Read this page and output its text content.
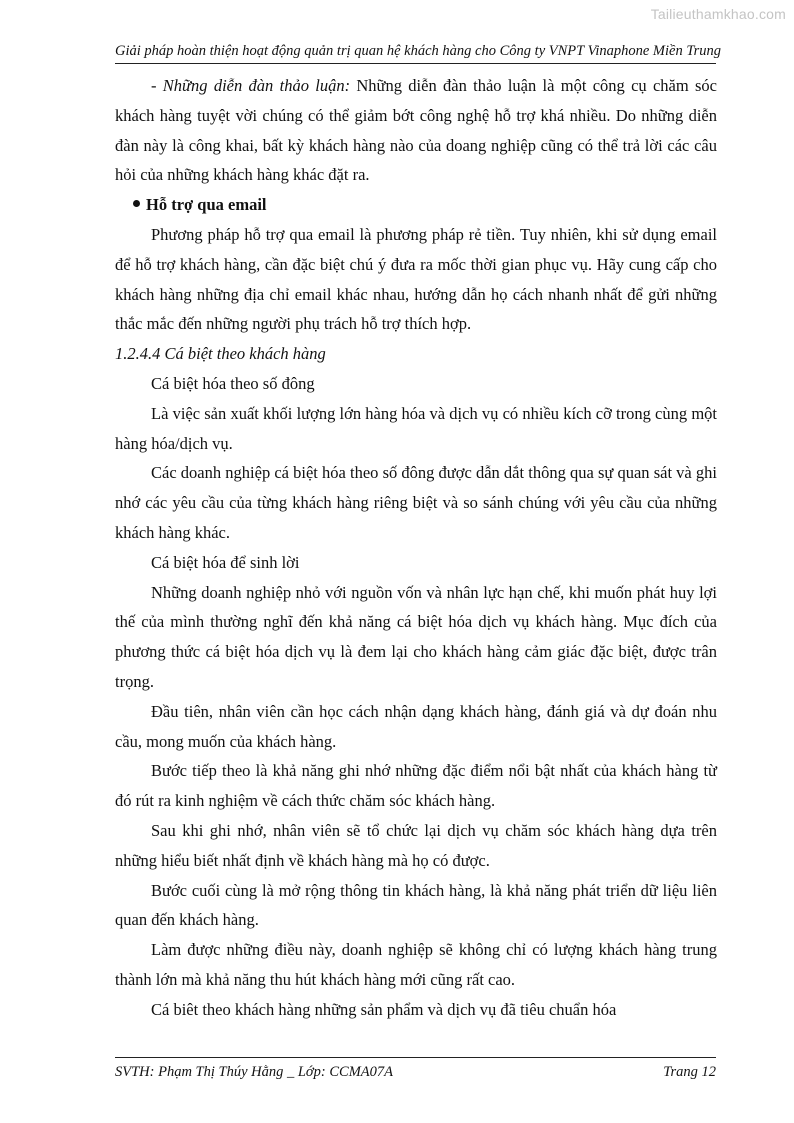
Tailieuthamkhao.com
Giải pháp hoàn thiện hoạt động quản trị quan hệ khách hàng cho Công ty VNPT Vinaphone Miền Trung

- Những diễn đàn thảo luận: Những diễn đàn thảo luận là một công cụ chăm sóc khách hàng tuyệt vời chúng có thể giảm bớt công nghệ hỗ trợ khá nhiều. Do những diễn đàn này là công khai, bất kỳ khách hàng nào của doang nghiệp cũng có thể trả lời các câu hỏi của những khách hàng khác đặt ra.

Hỗ trợ qua email

Phương pháp hỗ trợ qua email là phương pháp rẻ tiền. Tuy nhiên, khi sử dụng email để hỗ trợ khách hàng, cần đặc biệt chú ý đưa ra mốc thời gian phục vụ. Hãy cung cấp cho khách hàng những địa chỉ email khác nhau, hướng dẫn họ cách nhanh nhất để gửi những thắc mắc đến những người phụ trách hỗ trợ thích hợp.

1.2.4.4 Cá biệt theo khách hàng

Cá biệt hóa theo số đông

Là việc sản xuất khối lượng lớn hàng hóa và dịch vụ có nhiều kích cỡ trong cùng một hàng hóa/dịch vụ.

Các doanh nghiệp cá biệt hóa theo số đông được dẫn dắt thông qua sự quan sát và ghi nhớ các yêu cầu của từng khách hàng riêng biệt và so sánh chúng với yêu cầu của những khách hàng khác.

Cá biệt hóa để sinh lời

Những doanh nghiệp nhỏ với nguồn vốn và nhân lực hạn chế, khi muốn phát huy lợi thế của mình thường nghĩ đến khả năng cá biệt hóa dịch vụ khách hàng. Mục đích của phương thức cá biệt hóa dịch vụ là đem lại cho khách hàng cảm giác đặc biệt, được trân trọng.

Đầu tiên, nhân viên cần học cách nhận dạng khách hàng, đánh giá và dự đoán nhu cầu, mong muốn của khách hàng.

Bước tiếp theo là khả năng ghi nhớ những đặc điểm nổi bật nhất của khách hàng từ đó rút ra kinh nghiệm về cách thức chăm sóc khách hàng.

Sau khi ghi nhớ, nhân viên sẽ tổ chức lại dịch vụ chăm sóc khách hàng dựa trên những hiểu biết nhất định về khách hàng mà họ có được.

Bước cuối cùng là mở rộng thông tin khách hàng, là khả năng phát triển dữ liệu liên quan đến khách hàng.

Làm được những điều này, doanh nghiệp sẽ không chỉ có lượng khách hàng trung thành lớn mà khả năng thu hút khách hàng mới cũng rất cao.

Cá biêt theo khách hàng những sản phẩm và dịch vụ đã tiêu chuẩn hóa

SVTH: Phạm Thị Thúy Hằng _ Lớp: CCMA07A	Trang 12
